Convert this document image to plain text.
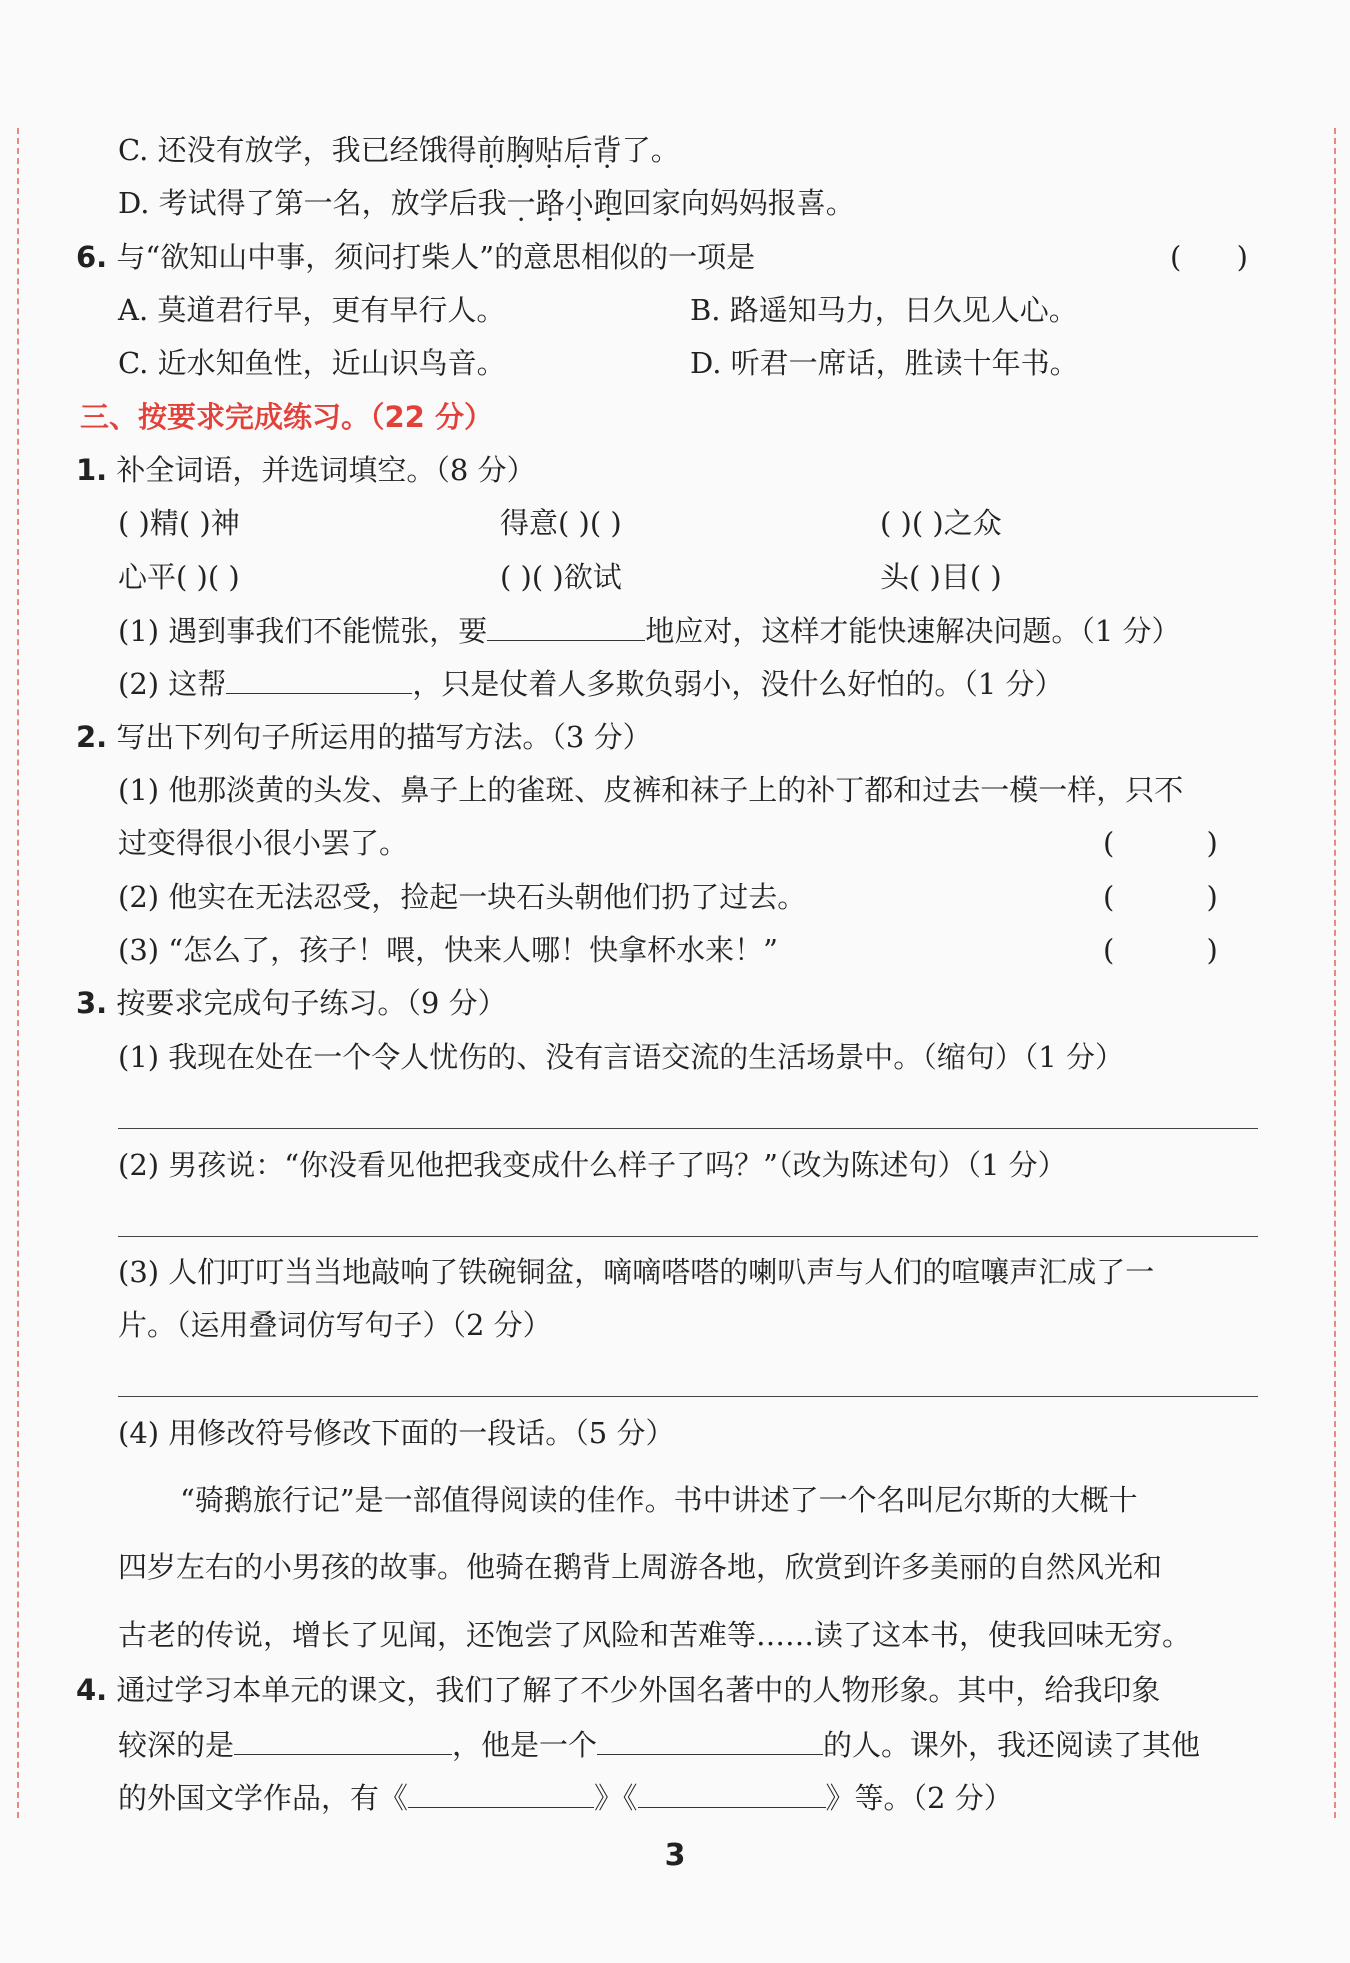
C. 还没有放学，我已经饿得前胸贴后背了。
D. 考试得了第一名，放学后我一路小跑回家向妈妈报喜。
6. 与“欲知山中事，须问打柴人”的意思相似的一项是	(      )
A. 莫道君行早，更有早行人。	B. 路遥知马力，日久见人心。
C. 近水知鱼性，近山识鸟音。	D. 听君一席话，胜读十年书。
三、按要求完成练习。（22 分）
1. 补全词语，并选词填空。（8 分）
( )精( )神	得意( )( )	( )( )之众
心平( )( )	( )( )欲试	头( )目( )
(1) 遇到事我们不能慌张，要	地应对，这样才能快速解决问题。（1 分）
(2) 这帮	，只是仗着人多欺负弱小，没什么好怕的。（1 分）
2. 写出下列句子所运用的描写方法。（3 分）
(1) 他那淡黄的头发、鼻子上的雀斑、皮裤和袜子上的补丁都和过去一模一样，只不
过变得很小很小罢了。	(          )
(2) 他实在无法忍受，捡起一块石头朝他们扔了过去。	(          )
(3) “怎么了，孩子！喂，快来人哪！快拿杯水来！”	(          )
3. 按要求完成句子练习。（9 分）
(1) 我现在处在一个令人忧伤的、没有言语交流的生活场景中。（缩句）（1 分）
(2) 男孩说：“你没看见他把我变成什么样子了吗？”（改为陈述句）（1 分）
(3) 人们叮叮当当地敲响了铁碗铜盆，嘀嘀嗒嗒的喇叭声与人们的喧嚷声汇成了一
片。（运用叠词仿写句子）（2 分）
(4) 用修改符号修改下面的一段话。（5 分）
“骑鹅旅行记”是一部值得阅读的佳作。书中讲述了一个名叫尼尔斯的大概十
四岁左右的小男孩的故事。他骑在鹅背上周游各地，欣赏到许多美丽的自然风光和
古老的传说，增长了见闻，还饱尝了风险和苦难等……读了这本书，使我回味无穷。
4. 通过学习本单元的课文，我们了解了不少外国名著中的人物形象。其中，给我印象
较深的是	，他是一个	的人。课外，我还阅读了其他
的外国文学作品，有《	》《	》等。（2 分）
3
